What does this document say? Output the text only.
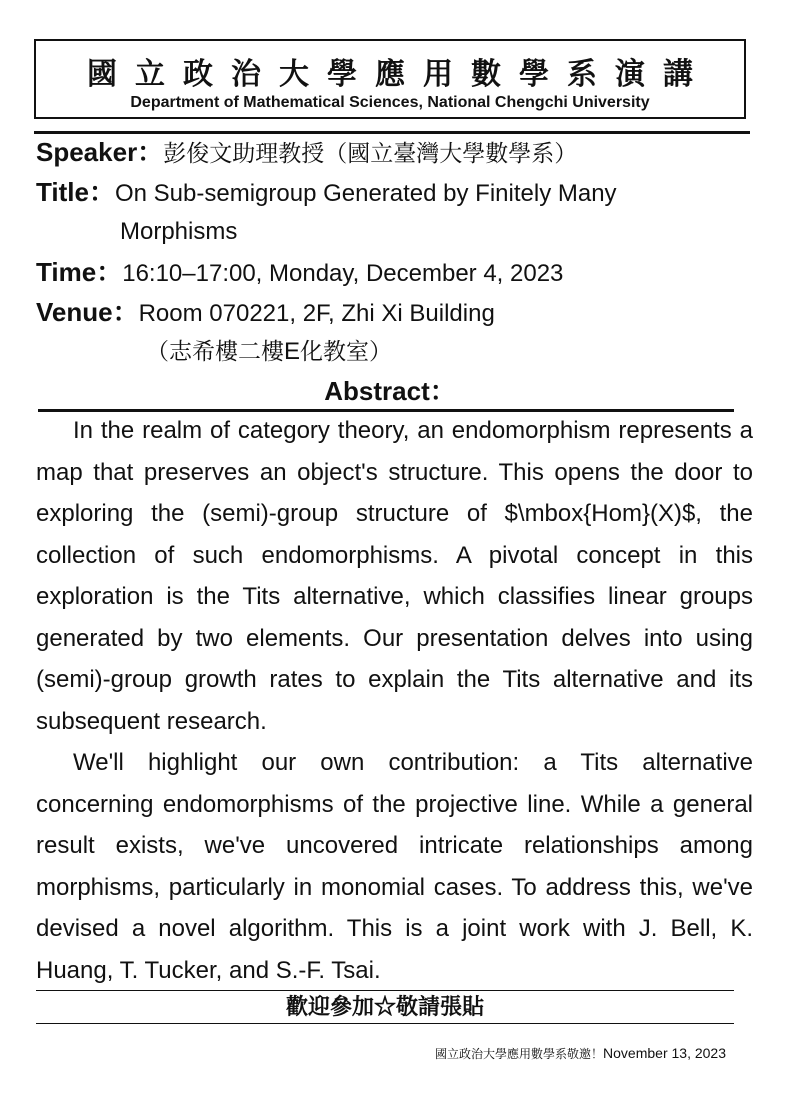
國立政治大學應用數學系演講
Department of Mathematical Sciences, National Chengchi University
Speaker：彭俊文助理教授（國立臺灣大學數學系）
Title：On Sub-semigroup Generated by Finitely Many
Morphisms
Time：16:10–17:00, Monday, December 4, 2023
Venue：Room 070221, 2F, Zhi Xi Building
（志希樓二樓E化教室）
Abstract：

In the realm of category theory, an endomorphism represents a map that preserves an object's structure. This opens the door to exploring the (semi)-group structure of $\mbox{Hom}(X)$, the collection of such endomorphisms. A pivotal concept in this exploration is the Tits alternative, which classifies linear groups generated by two elements. Our presentation delves into using (semi)-group growth rates to explain the Tits alternative and its subsequent research.

We'll highlight our own contribution: a Tits alternative concerning endomorphisms of the projective line. While a general result exists, we've uncovered intricate relationships among morphisms, particularly in monomial cases. To address this, we've devised a novel algorithm. This is a joint work with J. Bell, K. Huang, T. Tucker, and S.-F. Tsai.

歡迎參加☆敬請張貼
國立政治大學應用數學系敬邀！November 13, 2023
